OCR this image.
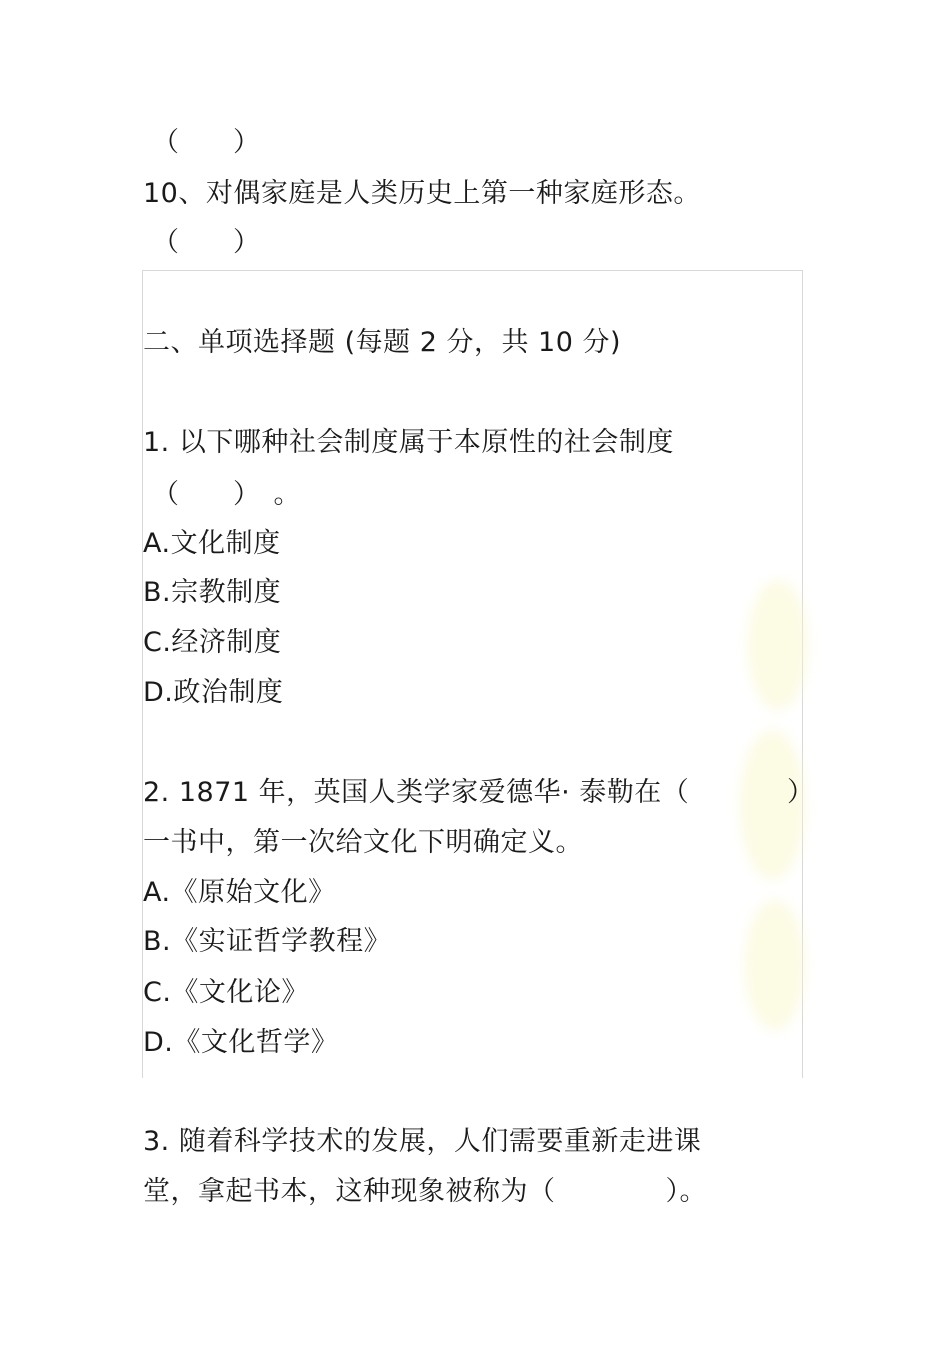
（　　）
10、对偶家庭是人类历史上第一种家庭形态。
（　　）
二、单项选择题 (每题 2 分，共 10 分)
1. 以下哪种社会制度属于本原性的社会制度
（　　）　。
A.文化制度
B.宗教制度
C.经济制度
D.政治制度
2. 1871 年，英国人类学家爱德华· 泰勒在（	）
一书中，第一次给文化下明确定义。
A.《原始文化》
B.《实证哲学教程》
C.《文化论》
D.《文化哲学》
3. 随着科学技术的发展，人们需要重新走进课
堂，拿起书本，这种现象被称为（　　　　）。
